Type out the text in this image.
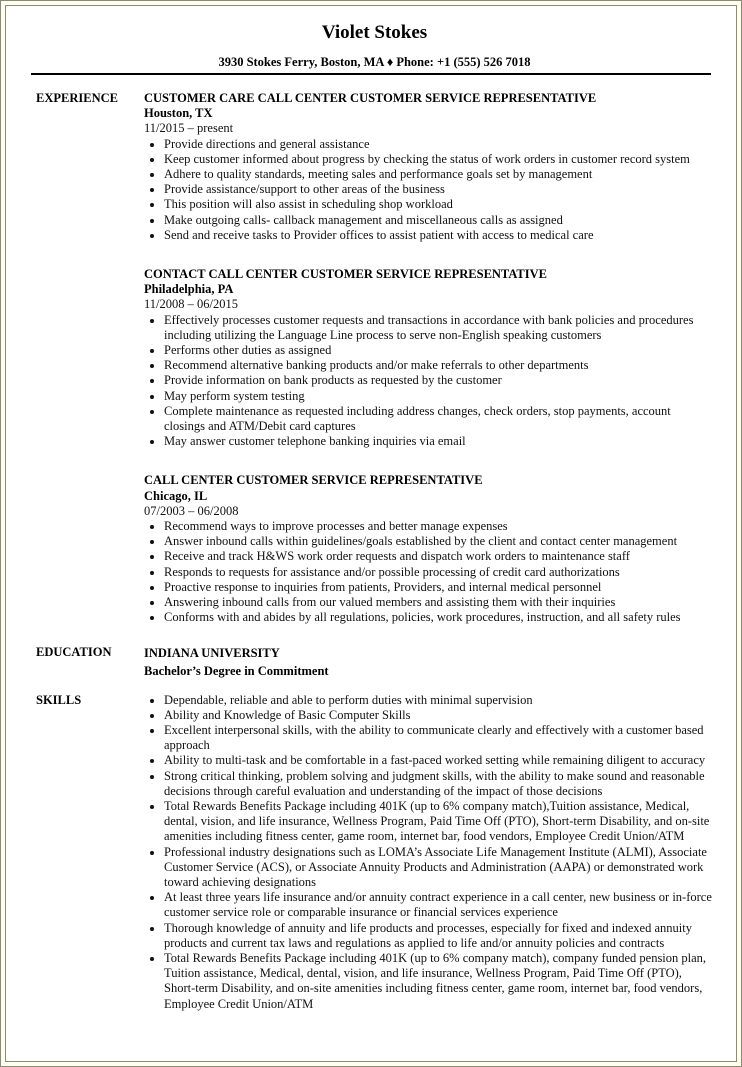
Violet Stokes
3930 Stokes Ferry, Boston, MA ♦ Phone: +1 (555) 526 7018
EXPERIENCE	CUSTOMER CARE CALL CENTER CUSTOMER SERVICE REPRESENTATIVE
Houston, TX
11/2015 – present
• Provide directions and general assistance
• Keep customer informed about progress by checking the status of work orders in customer record system
• Adhere to quality standards, meeting sales and performance goals set by management
• Provide assistance/support to other areas of the business
• This position will also assist in scheduling shop workload
• Make outgoing calls- callback management and miscellaneous calls as assigned
• Send and receive tasks to Provider offices to assist patient with access to medical care
CONTACT CALL CENTER CUSTOMER SERVICE REPRESENTATIVE
Philadelphia, PA
11/2008 – 06/2015
• Effectively processes customer requests and transactions in accordance with bank policies and procedures including utilizing the Language Line process to serve non-English speaking customers
• Performs other duties as assigned
• Recommend alternative banking products and/or make referrals to other departments
• Provide information on bank products as requested by the customer
• May perform system testing
• Complete maintenance as requested including address changes, check orders, stop payments, account closings and ATM/Debit card captures
• May answer customer telephone banking inquiries via email
CALL CENTER CUSTOMER SERVICE REPRESENTATIVE
Chicago, IL
07/2003 – 06/2008
• Recommend ways to improve processes and better manage expenses
• Answer inbound calls within guidelines/goals established by the client and contact center management
• Receive and track H&WS work order requests and dispatch work orders to maintenance staff
• Responds to requests for assistance and/or possible processing of credit card authorizations
• Proactive response to inquiries from patients, Providers, and internal medical personnel
• Answering inbound calls from our valued members and assisting them with their inquiries
• Conforms with and abides by all regulations, policies, work procedures, instruction, and all safety rules
EDUCATION	INDIANA UNIVERSITY
Bachelor’s Degree in Commitment
SKILLS	• Dependable, reliable and able to perform duties with minimal supervision
• Ability and Knowledge of Basic Computer Skills
• Excellent interpersonal skills, with the ability to communicate clearly and effectively with a customer based approach
• Ability to multi-task and be comfortable in a fast-paced worked setting while remaining diligent to accuracy
• Strong critical thinking, problem solving and judgment skills, with the ability to make sound and reasonable decisions through careful evaluation and understanding of the impact of those decisions
• Total Rewards Benefits Package including 401K (up to 6% company match),Tuition assistance, Medical, dental, vision, and life insurance, Wellness Program, Paid Time Off (PTO), Short-term Disability, and on-site amenities including fitness center, game room, internet bar, food vendors, Employee Credit Union/ATM
• Professional industry designations such as LOMA’s Associate Life Management Institute (ALMI), Associate Customer Service (ACS), or Associate Annuity Products and Administration (AAPA) or demonstrated work toward achieving designations
• At least three years life insurance and/or annuity contract experience in a call center, new business or in-force customer service role or comparable insurance or financial services experience
• Thorough knowledge of annuity and life products and processes, especially for fixed and indexed annuity products and current tax laws and regulations as applied to life and/or annuity policies and contracts
• Total Rewards Benefits Package including 401K (up to 6% company match), company funded pension plan, Tuition assistance, Medical, dental, vision, and life insurance, Wellness Program, Paid Time Off (PTO), Short-term Disability, and on-site amenities including fitness center, game room, internet bar, food vendors, Employee Credit Union/ATM
